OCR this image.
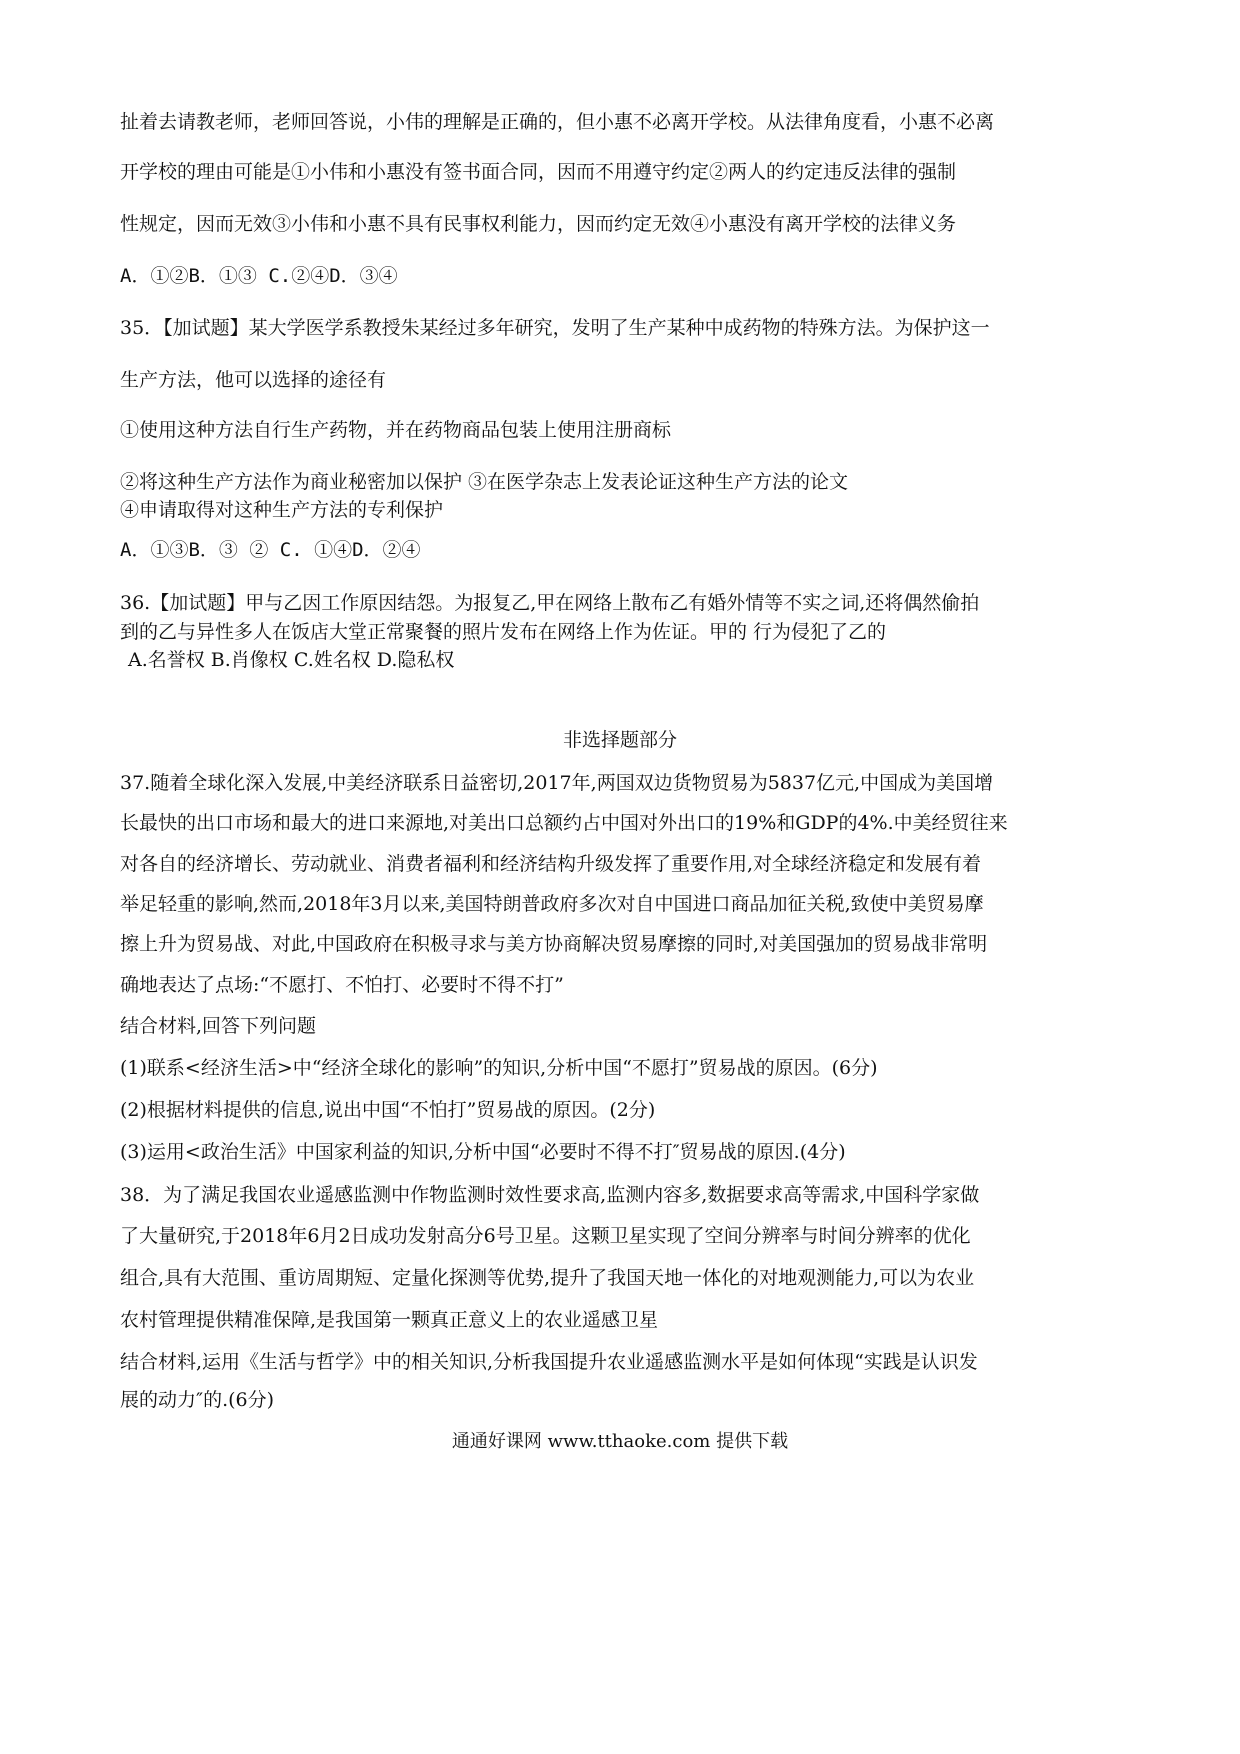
扯着去请教老师，老师回答说，小伟的理解是正确的，但小惠不必离开学校。从法律角度看，小惠不必离
开学校的理由可能是①小伟和小惠没有签书面合同，因而不用遵守约定②两人的约定违反法律的强制
性规定，因而无效③小伟和小惠不具有民事权利能力，因而约定无效④小惠没有离开学校的法律义务
A．①②B．①③ C.②④D．③④
35．【加试题】某大学医学系教授朱某经过多年研究，发明了生产某种中成药物的特殊方法。为保护这一
生产方法，他可以选择的途径有
①使用这种方法自行生产药物，并在药物商品包装上使用注册商标
②将这种生产方法作为商业秘密加以保护 ③在医学杂志上发表论证这种生产方法的论文
④申请取得对这种生产方法的专利保护
A．①③B．③ ② C. ①④D．②④
36.【加试题】甲与乙因工作原因结怨。为报复乙,甲在网络上散布乙有婚外情等不实之词,还将偶然偷拍
到的乙与异性多人在饭店大堂正常聚餐的照片发布在网络上作为佐证。甲的 行为侵犯了乙的
A.名誉权 B.肖像权 C.姓名权 D.隐私权
非选择题部分
37.随着全球化深入发展,中美经济联系日益密切,2017年,两国双边货物贸易为5837亿元,中国成为美国增
长最快的出口市场和最大的进口来源地,对美出口总额约占中国对外出口的19%和GDP的4%.中美经贸往来
对各自的经济增长、劳动就业、消费者福利和经济结构升级发挥了重要作用,对全球经济稳定和发展有着
举足轻重的影响,然而,2018年3月以来,美国特朗普政府多次对自中国进口商品加征关税,致使中美贸易摩
擦上升为贸易战、对此,中国政府在积极寻求与美方协商解决贸易摩擦的同时,对美国强加的贸易战非常明
确地表达了点场:“不愿打、不怕打、必要时不得不打”
结合材料,回答下列问题
(1)联系<经济生活>中“经济全球化的影响”的知识,分析中国“不愿打”贸易战的原因。(6分)
(2)根据材料提供的信息,说出中国“不怕打”贸易战的原因。(2分)
(3)运用<政治生活》中国家利益的知识,分析中国“必要时不得不打″贸易战的原因.(4分)
38．为了满足我国农业遥感监测中作物监测时效性要求高,监测内容多,数据要求高等需求,中国科学家做
了大量研究,于2018年6月2日成功发射高分6号卫星。这颗卫星实现了空间分辨率与时间分辨率的优化
组合,具有大范围、重访周期短、定量化探测等优势,提升了我国天地一体化的对地观测能力,可以为农业
农村管理提供精准保障,是我国第一颗真正意义上的农业遥感卫星
结合材料,运用《生活与哲学》中的相关知识,分析我国提升农业遥感监测水平是如何体现“实践是认识发
展的动力″的.(6分)
通通好课网 www.tthaoke.com 提供下载
